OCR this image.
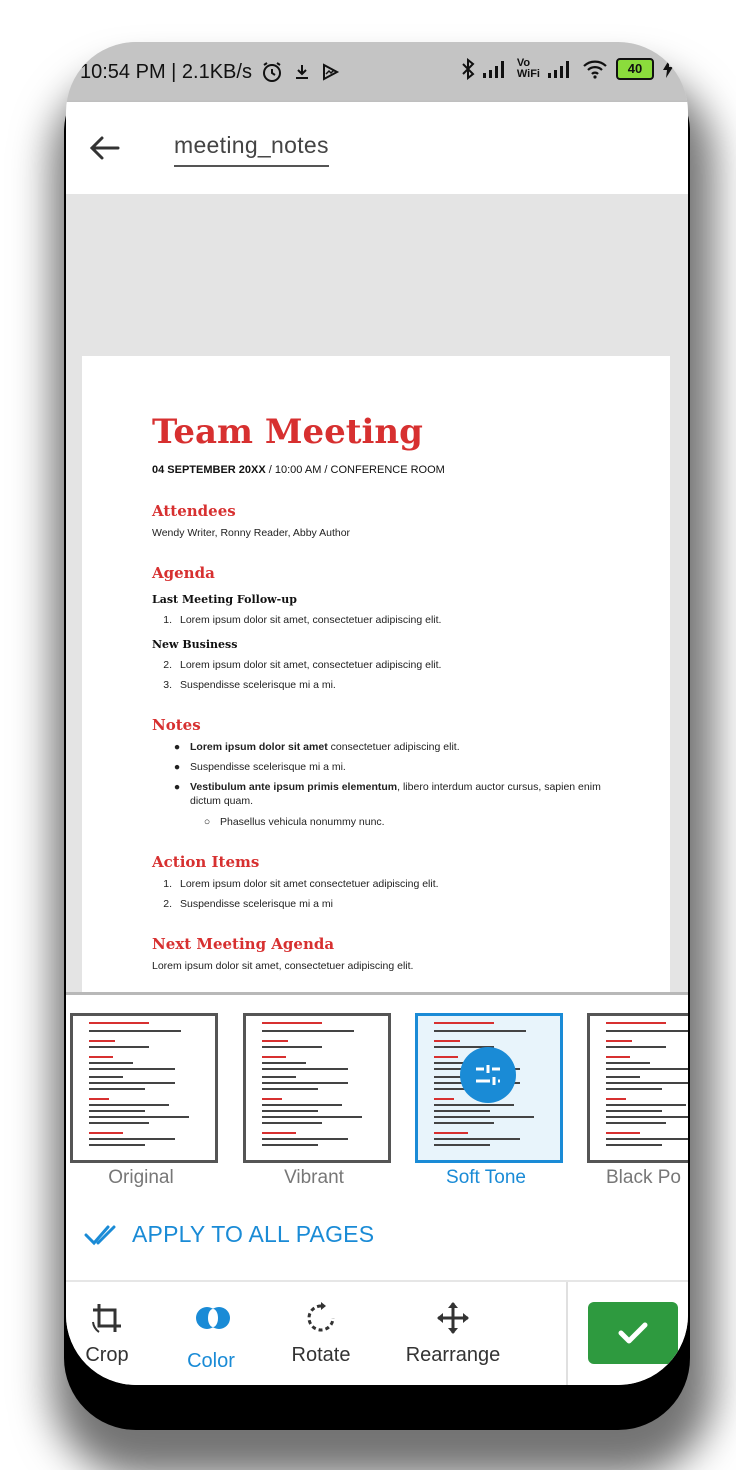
10:54 PM | 2.1KB/s	Vo
WiFi	40
meeting_notes
Team Meeting
04 SEPTEMBER 20XX / 10:00 AM / CONFERENCE ROOM
Attendees
Wendy Writer, Ronny Reader, Abby Author
Agenda
Last Meeting Follow-up
1. Lorem ipsum dolor sit amet, consectetuer adipiscing elit.
New Business
2. Lorem ipsum dolor sit amet, consectetuer adipiscing elit.
3. Suspendisse scelerisque mi a mi.
Notes
● Lorem ipsum dolor sit amet consectetuer adipiscing elit.
● Suspendisse scelerisque mi a mi.
● Vestibulum ante ipsum primis elementum, libero interdum auctor cursus, sapien enim
dictum quam.
○ Phasellus vehicula nonummy nunc.
Action Items
1. Lorem ipsum dolor sit amet consectetuer adipiscing elit.
2. Suspendisse scelerisque mi a mi
Next Meeting Agenda
Lorem ipsum dolor sit amet, consectetuer adipiscing elit.
Original	Vibrant	Soft Tone	Black Po
APPLY TO ALL PAGES
Crop	Color	Rotate	Rearrange
